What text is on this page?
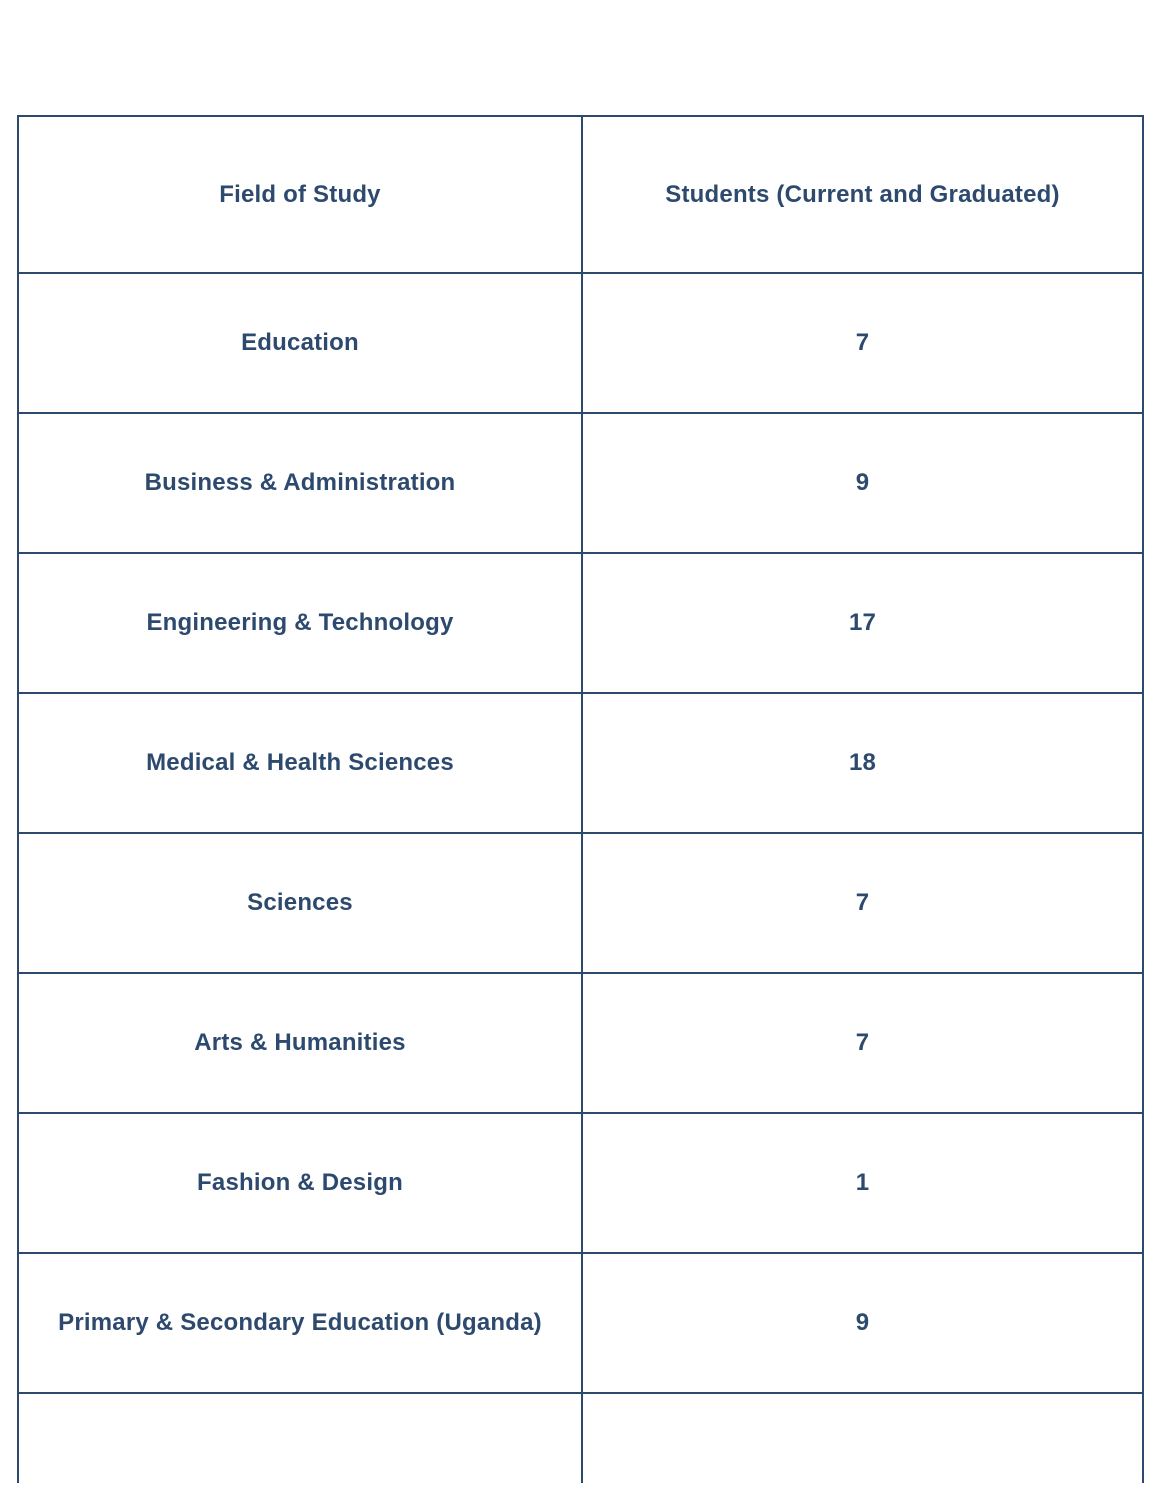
Field of Study	Students (Current and Graduated)
Education	7
Business & Administration	9
Engineering & Technology	17
Medical & Health Sciences	18
Sciences	7
Arts & Humanities	7
Fashion & Design	1
Primary & Secondary Education (Uganda)	9
